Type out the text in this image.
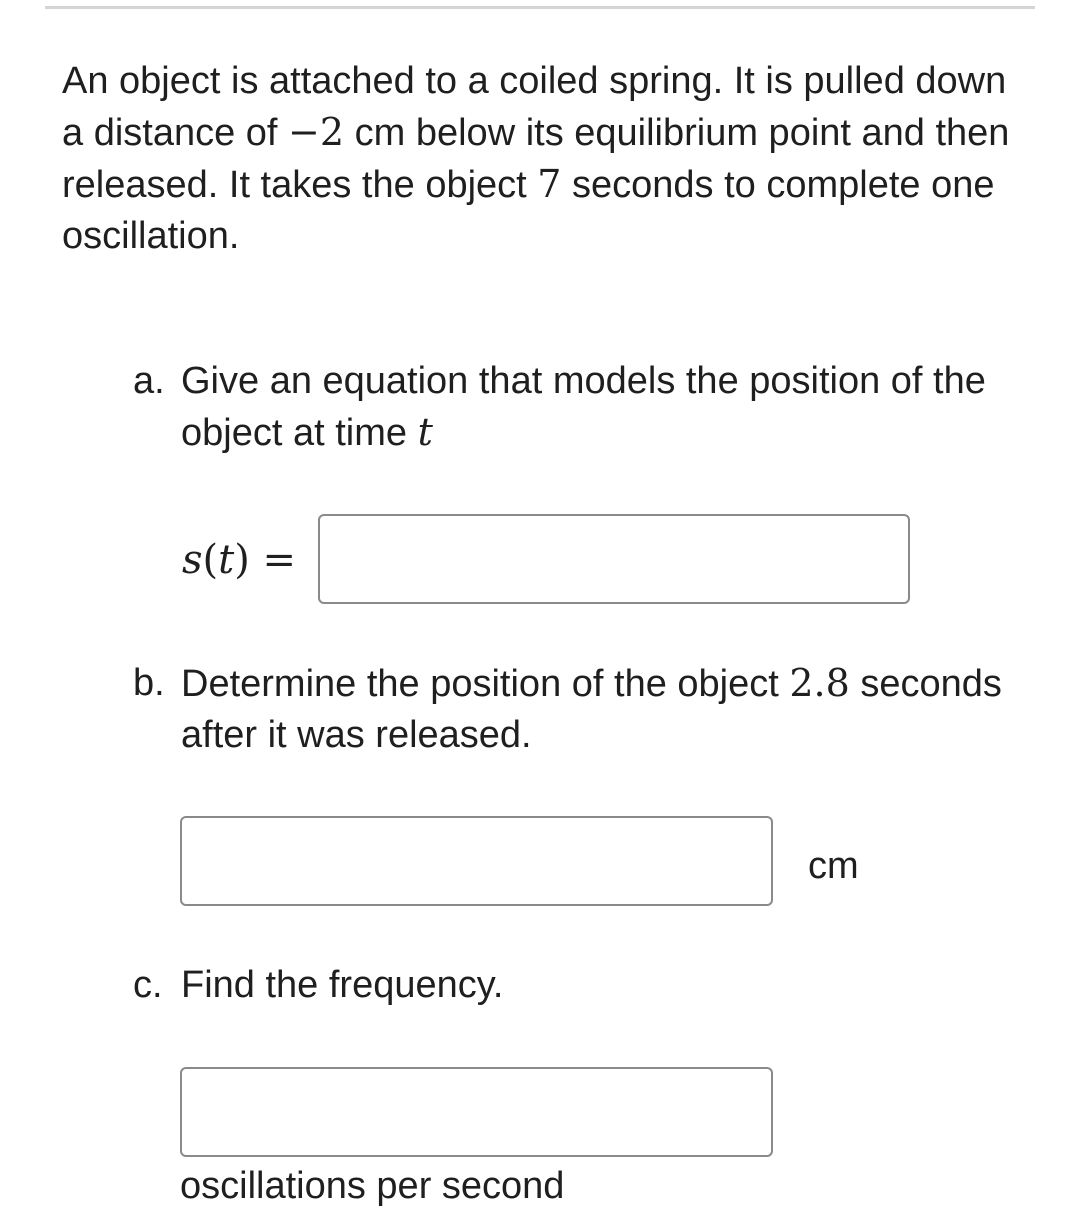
An object is attached to a coiled spring. It is pulled down a distance of −2 cm below its equilibrium point and then released. It takes the object 7 seconds to complete one oscillation.
a. Give an equation that models the position of the object at time t
s(t) =
b. Determine the position of the object 2.8 seconds after it was released.
cm
c. Find the frequency.
oscillations per second
